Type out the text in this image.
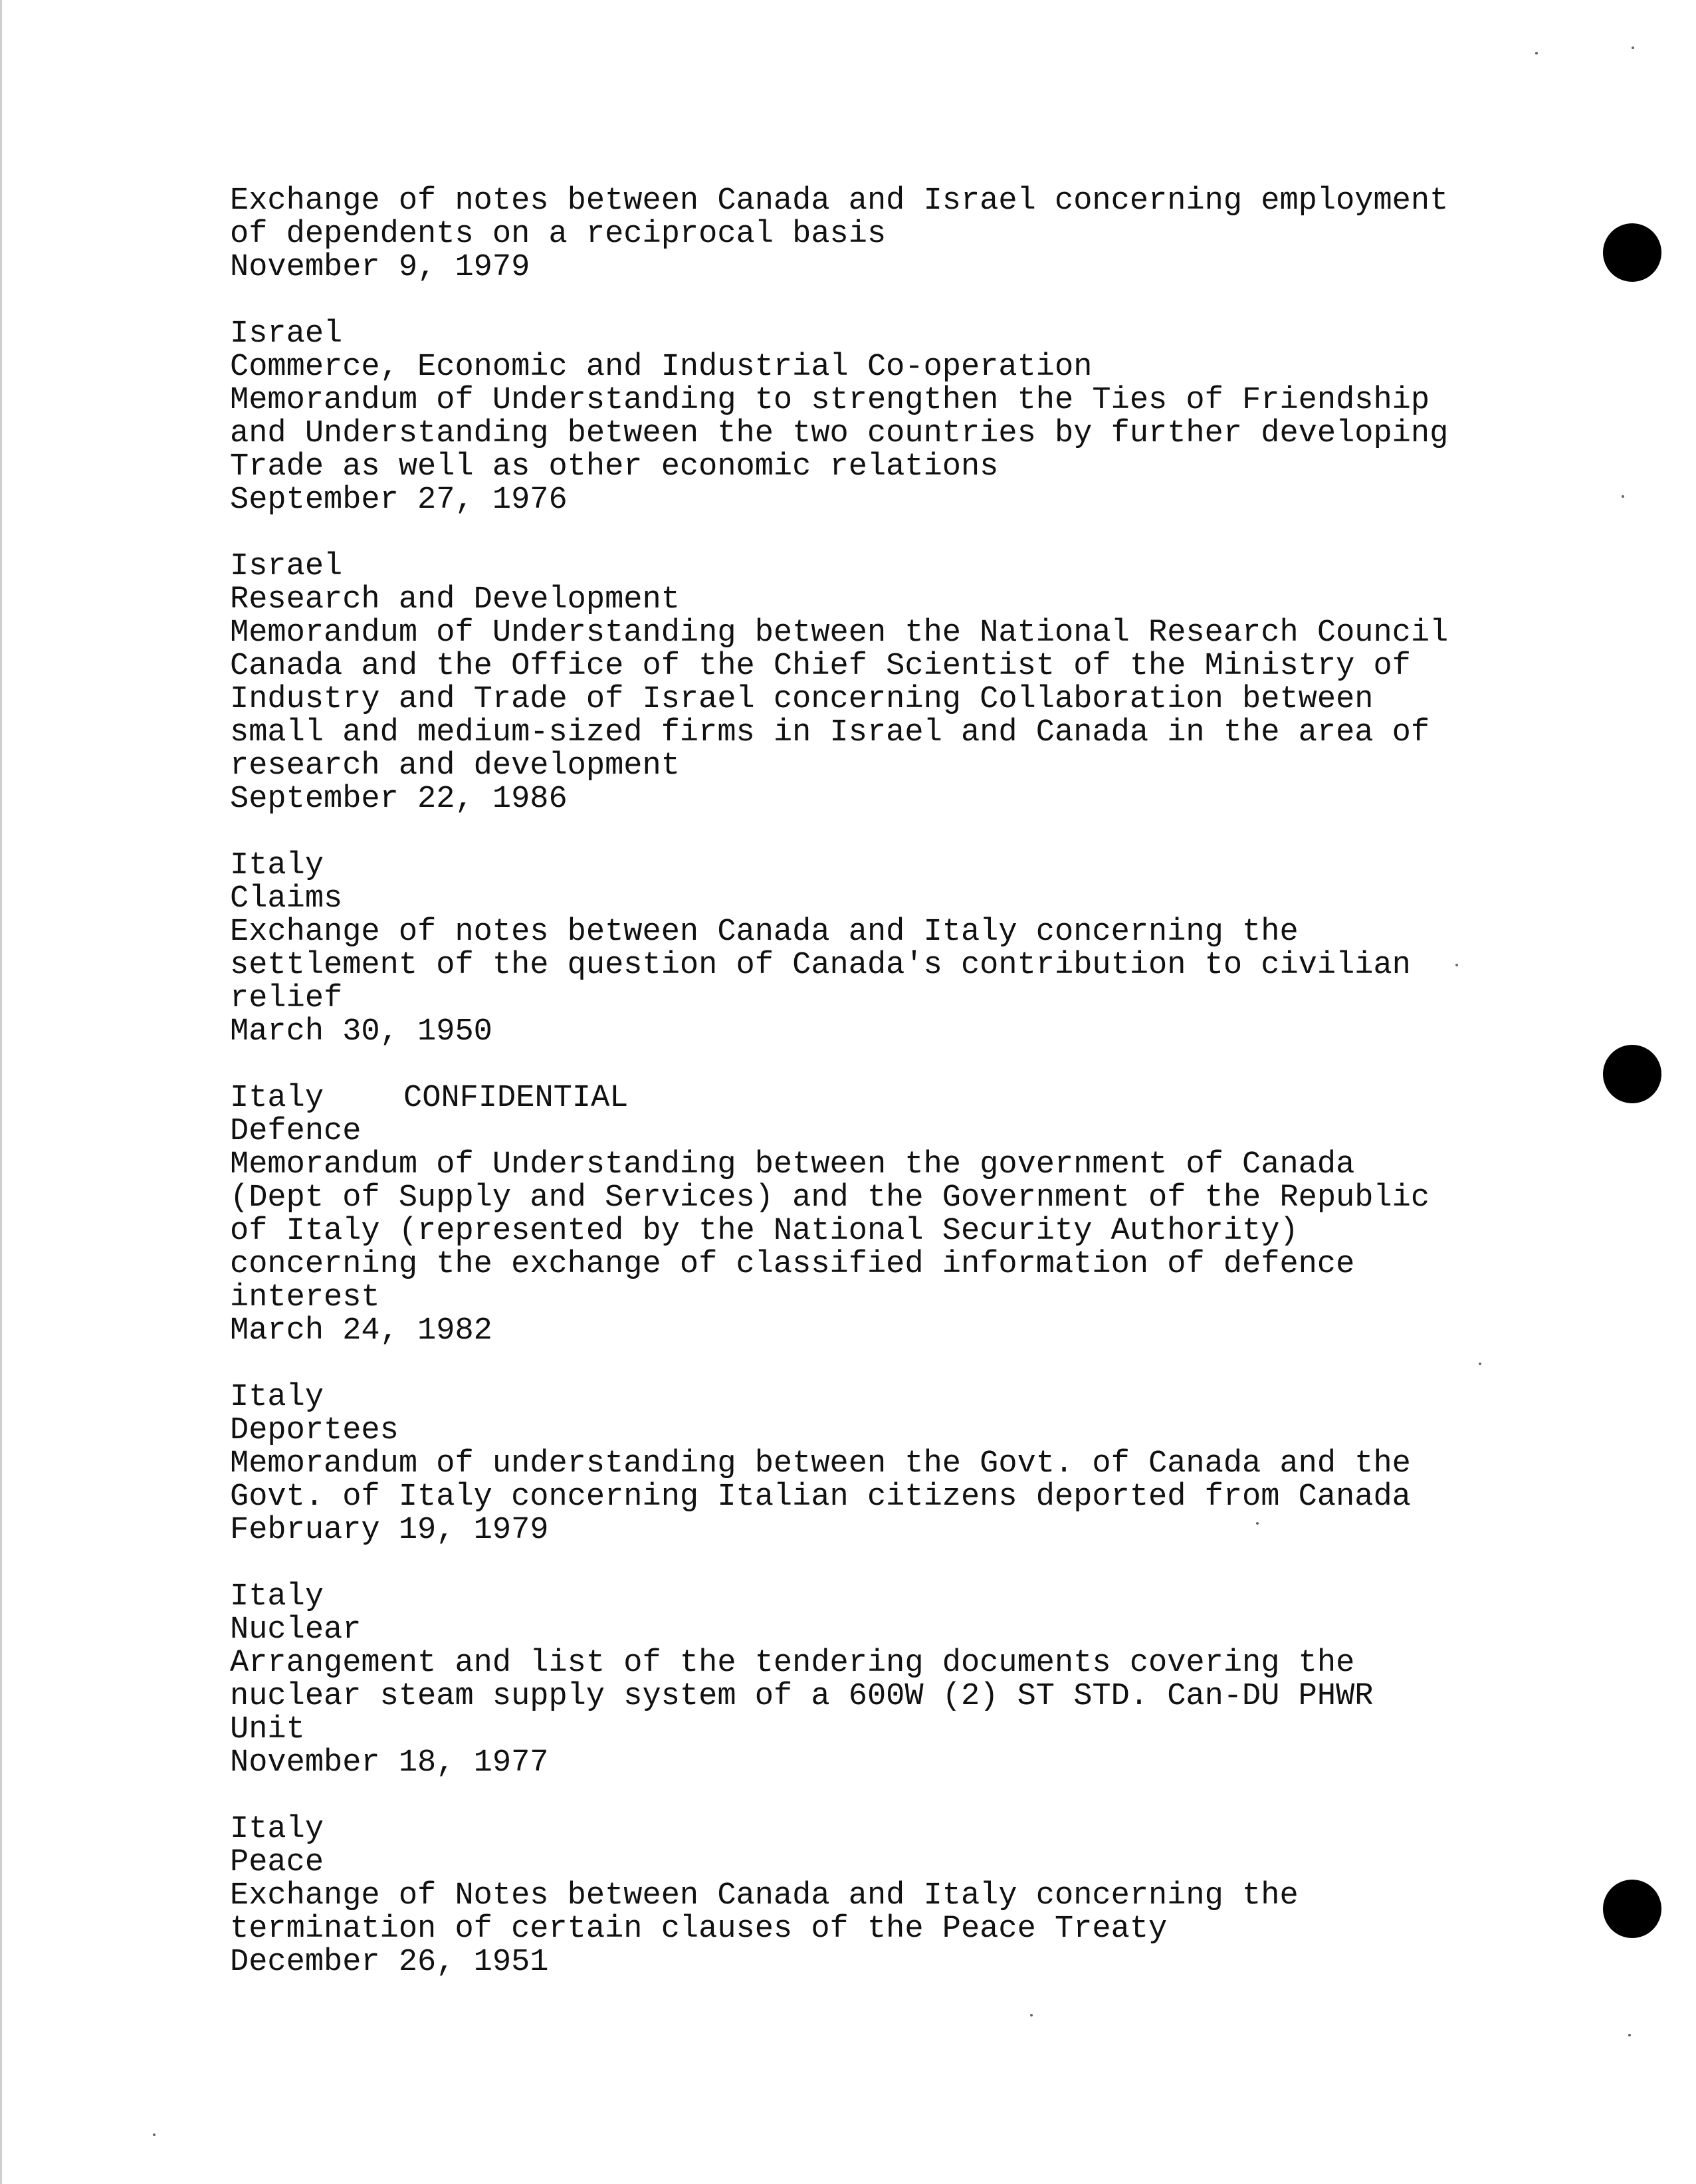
Exchange of notes between Canada and Israel concerning employment
of dependents on a reciprocal basis
November 9, 1979
Israel
Commerce, Economic and Industrial Co-operation
Memorandum of Understanding to strengthen the Ties of Friendship
and Understanding between the two countries by further developing
Trade as well as other economic relations
September 27, 1976
Israel
Research and Development
Memorandum of Understanding between the National Research Council
Canada and the Office of the Chief Scientist of the Ministry of
Industry and Trade of Israel concerning Collaboration between
small and medium-sized firms in Israel and Canada in the area of
research and development
September 22, 1986
Italy
Claims
Exchange of notes between Canada and Italy concerning the
settlement of the question of Canada's contribution to civilian
relief
March 30, 1950
Italy	CONFIDENTIAL
Defence
Memorandum of Understanding between the government of Canada
(Dept of Supply and Services) and the Government of the Republic
of Italy (represented by the National Security Authority)
concerning the exchange of classified information of defence
interest
March 24, 1982
Italy
Deportees
Memorandum of understanding between the Govt. of Canada and the
Govt. of Italy concerning Italian citizens deported from Canada
February 19, 1979
Italy
Nuclear
Arrangement and list of the tendering documents covering the
nuclear steam supply system of a 600W (2) ST STD. Can-DU PHWR
Unit
November 18, 1977
Italy
Peace
Exchange of Notes between Canada and Italy concerning the
termination of certain clauses of the Peace Treaty
December 26, 1951
